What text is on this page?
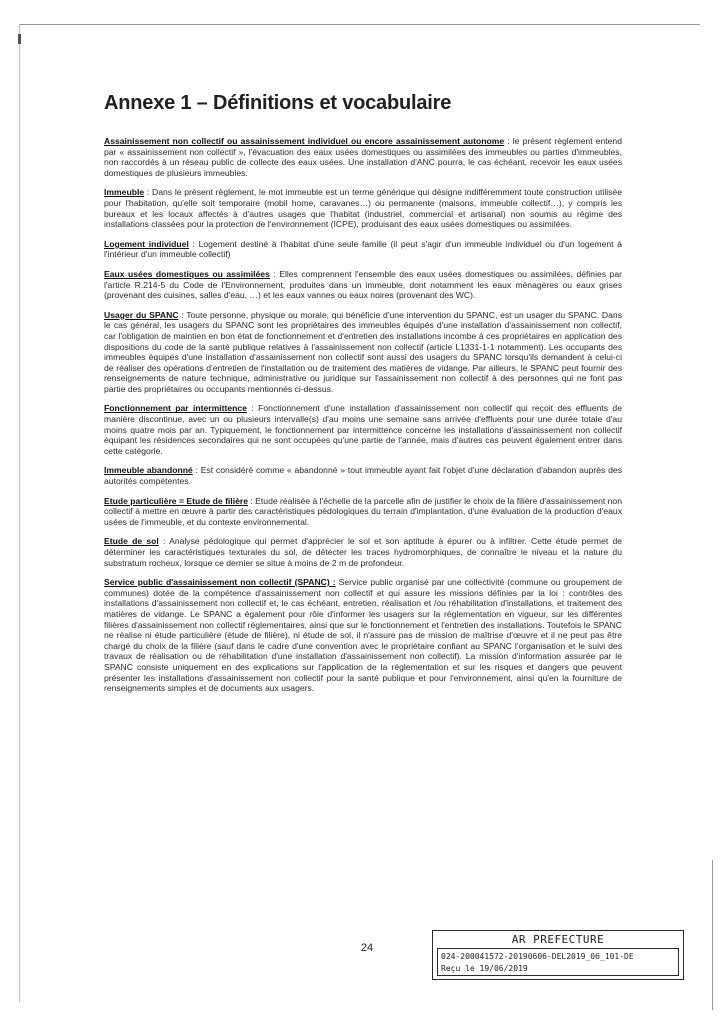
Annexe 1 – Définitions et vocabulaire

Assainissement non collectif ou assainissement individuel ou encore assainissement autonome : le présent règlement entend par « assainissement non collectif », l'évacuation des eaux usées domestiques ou assimilées des immeubles ou parties d'immeubles, non raccordés à un réseau public de collecte des eaux usées. Une installation d'ANC pourra, le cas échéant, recevoir les eaux usées domestiques de plusieurs immeubles.

Immeuble : Dans le présent règlement, le mot immeuble est un terme générique qui désigne indifféremment toute construction utilisée pour l'habitation, qu'elle soit temporaire (mobil home, caravanes…) ou permanente (maisons, immeuble collectif…), y compris les bureaux et les locaux affectés à d'autres usages que l'habitat (industriel, commercial et artisanal) non soumis au régime des installations classées pour la protection de l'environnement (ICPE), produisant des eaux usées domestiques ou assimilées.

Logement individuel : Logement destiné à l'habitat d'une seule famille (il peut s'agir d'un immeuble individuel ou d'un logement à l'intérieur d'un immeuble collectif)

Eaux usées domestiques ou assimilées : Elles comprennent l'ensemble des eaux usées domestiques ou assimilées, définies par l'article R.214-5 du Code de l'Environnement, produites dans un immeuble, dont notamment les eaux ménagères ou eaux grises (provenant des cuisines, salles d'eau, …) et les eaux vannes ou eaux noires (provenant des WC).

Usager du SPANC : Toute personne, physique ou morale, qui bénéficie d'une intervention du SPANC, est un usager du SPANC. Dans le cas général, les usagers du SPANC sont les propriétaires des immeubles équipés d'une installation d'assainissement non collectif, car l'obligation de maintien en bon état de fonctionnement et d'entretien des installations incombe à ces propriétaires en application des dispositions du code de la santé publique relatives à l'assainissement non collectif (article L1331-1-1 notamment). Les occupants des immeubles équipés d'une installation d'assainissement non collectif sont aussi des usagers du SPANC lorsqu'ils demandent à celui-ci de réaliser des opérations d'entretien de l'installation ou de traitement des matières de vidange. Par ailleurs, le SPANC peut fournir des renseignements de nature technique, administrative ou juridique sur l'assainissement non collectif à des personnes qui ne font pas partie des propriétaires ou occupants mentionnés ci-dessus.

Fonctionnement par intermittence : Fonctionnement d'une installation d'assainissement non collectif qui reçoit des effluents de manière discontinue, avec un ou plusieurs intervalle(s) d'au moins une semaine sans arrivée d'effluents pour une durée totale d'au moins quatre mois par an. Typiquement, le fonctionnement par intermittence concerne les installations d'assainissement non collectif équipant les résidences secondaires qui ne sont occupées qu'une partie de l'année, mais d'autres cas peuvent également entrer dans cette catégorie.

Immeuble abandonné : Est considéré comme « abandonné » tout immeuble ayant fait l'objet d'une déclaration d'abandon auprès des autorités compétentes.

Etude particulière = Etude de filière : Etude réalisée à l'échelle de la parcelle afin de justifier le choix de la filière d'assainissement non collectif à mettre en œuvre à partir des caractéristiques pédologiques du terrain d'implantation, d'une évaluation de la production d'eaux usées de l'immeuble, et du contexte environnemental.

Etude de sol : Analyse pédologique qui permet d'apprécier le sol et son aptitude à épurer ou à infiltrer. Cette étude permet de déterminer les caractéristiques texturales du sol, de détecter les traces hydromorphiques, de connaître le niveau et la nature du substratum rocheux, lorsque ce dernier se situe à moins de 2 m de profondeur.

Service public d'assainissement non collectif (SPANC) : Service public organisé par une collectivité (commune ou groupement de communes) dotée de la compétence d'assainissement non collectif et qui assure les missions définies par la loi : contrôles des installations d'assainissement non collectif et, le cas échéant, entretien, réalisation et /ou réhabilitation d'installations, et traitement des matières de vidange. Le SPANC a également pour rôle d'informer les usagers sur la réglementation en vigueur, sur les différentes filières d'assainissement non collectif réglementaires, ainsi que sur le fonctionnement et l'entretien des installations. Toutefois le SPANC ne réalise ni étude particulière (étude de filière), ni étude de sol, il n'assure pas de mission de maîtrise d'œuvre et il ne peut pas être chargé du choix de la filière (sauf dans le cadre d'une convention avec le propriétaire confiant au SPANC l'organisation et le suivi des travaux de réalisation ou de réhabilitation d'une installation d'assainissement non collectif). La mission d'information assurée par le SPANC consiste uniquement en des explications sur l'application de la réglementation et sur les risques et dangers que peuvent présenter les installations d'assainissement non collectif pour la santé publique et pour l'environnement, ainsi qu'en la fourniture de renseignements simples et de documents aux usagers.

24
AR PREFECTURE
024-200041572-20190606-DEL2019_06_101-DE
Reçu le 19/06/2019
